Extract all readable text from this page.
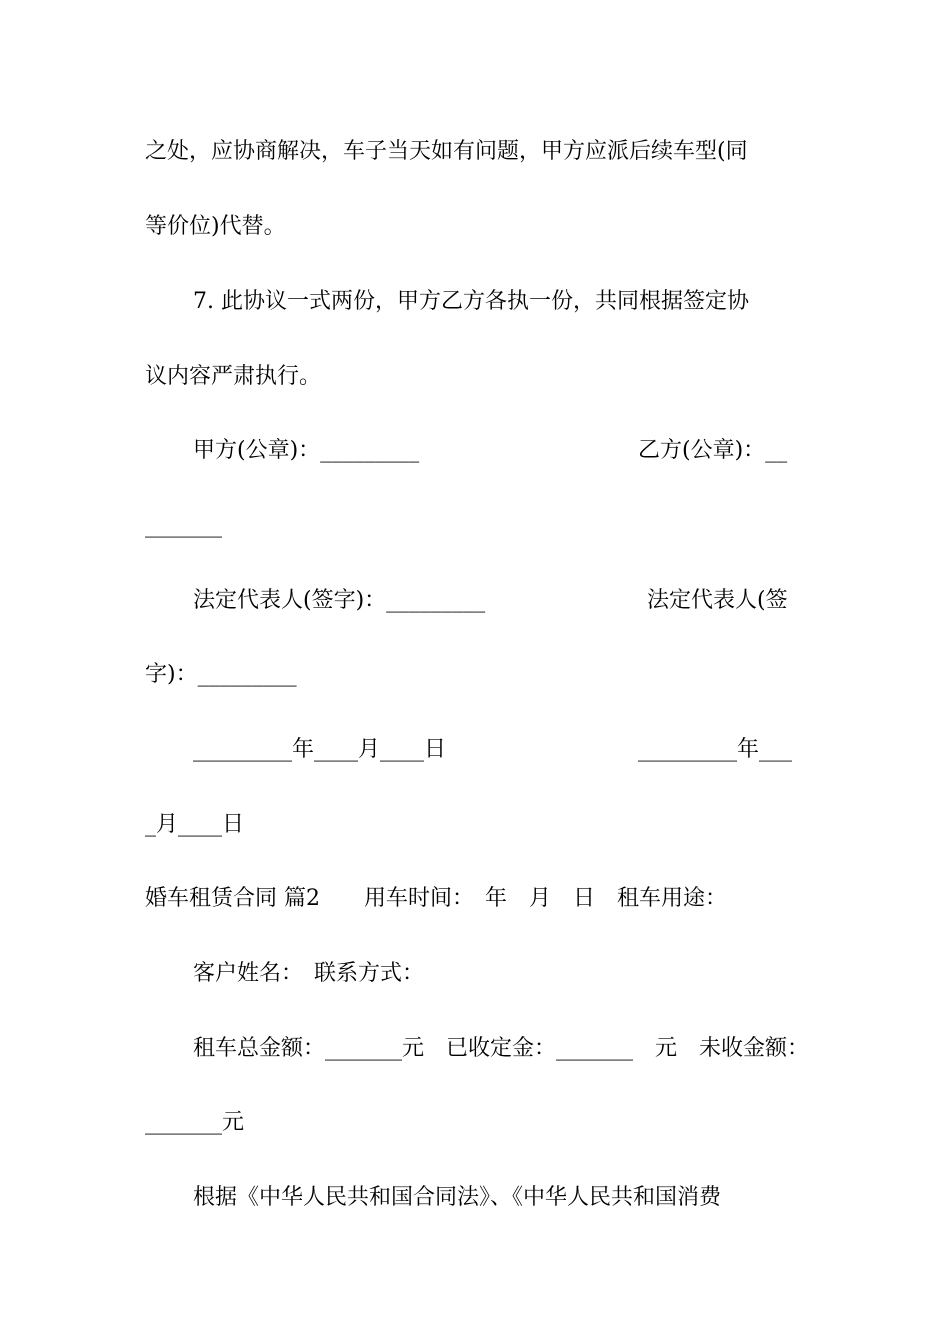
之处，应协商解决，车子当天如有问题，甲方应派后续车型(同

等价位)代替。

7. 此协议一式两份，甲方乙方各执一份，共同根据签定协

议内容严肃执行。

甲方(公章)：_________	乙方(公章)：__

_______

法定代表人(签字)：_________	法定代表人(签

字)：_________

_________年____月____日	_________年___

_月____日

婚车租赁合同 篇2　　用车时间：　年　月　日　租车用途：

客户姓名：　联系方式：

租车总金额：_______元　已收定金：_______　元　未收金额：

_______元

根据《中华人民共和国合同法》、《中华人民共和国消费
